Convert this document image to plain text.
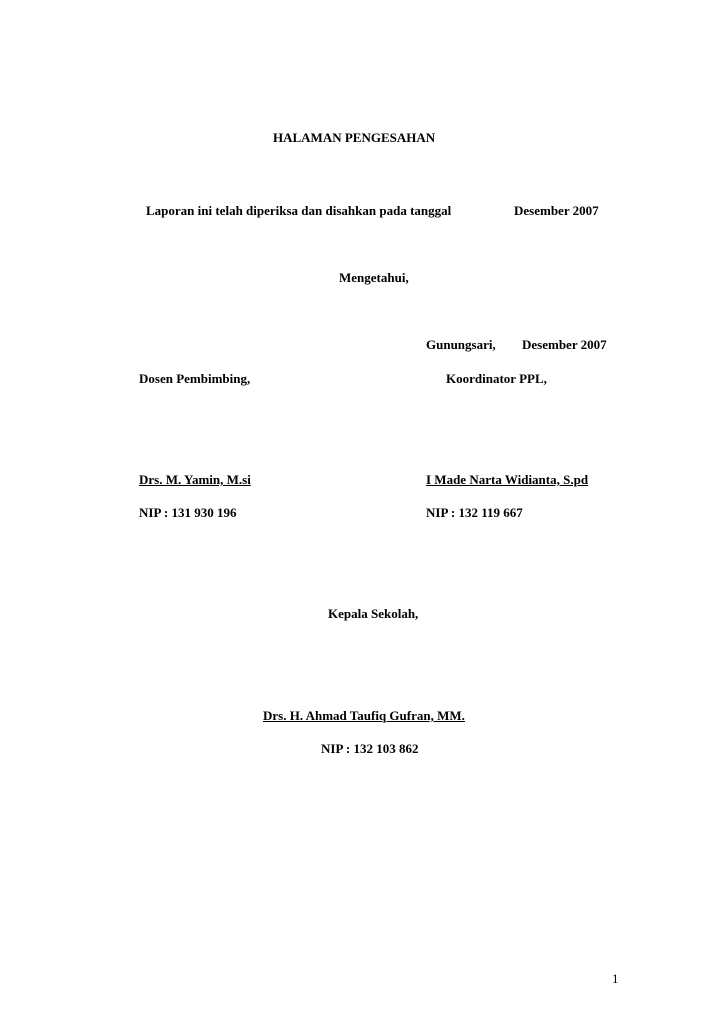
HALAMAN PENGESAHAN
Laporan ini telah diperiksa dan disahkan pada tanggal	Desember 2007
Mengetahui,
Gunungsari, Desember 2007
Dosen Pembimbing,	Koordinator PPL,
Drs. M. Yamin, M.si	I Made Narta Widianta, S.pd
NIP : 131 930 196	NIP : 132 119 667
Kepala Sekolah,
Drs. H. Ahmad Taufiq Gufran, MM.
NIP : 132 103 862
1
